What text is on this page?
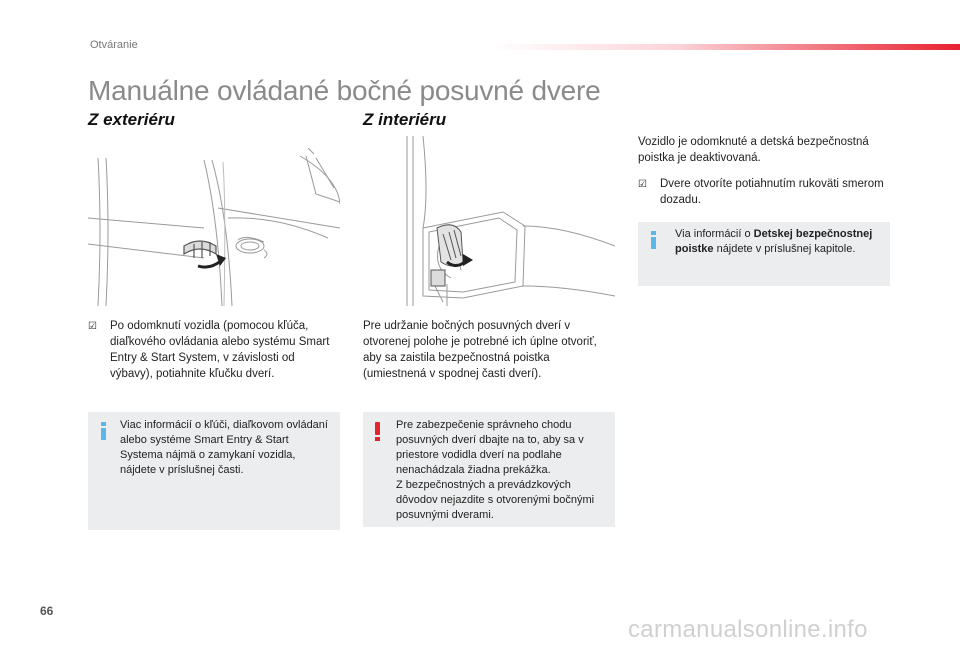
Otváranie
Manuálne ovládané bočné posuvné dvere
Z exteriéru
☑	Po odomknutí vozidla (pomocou kľúča, diaľkového ovládania alebo systému Smart Entry & Start System, v závislosti od výbavy), potiahnite kľučku dverí.
Viac informácií o kľúči, diaľkovom ovládaní alebo systéme Smart Entry & Start Systema nájmä o zamykaní vozidla, nájdete v príslušnej časti.
Z interiéru
Pre udržanie bočných posuvných dverí v otvorenej polohe je potrebné ich úplne otvoriť, aby sa zaistila bezpečnostná poistka (umiestnená v spodnej časti dverí).
Pre zabezpečenie správneho chodu posuvných dverí dbajte na to, aby sa v priestore vodidla dverí na podlahe nenachádzala žiadna prekážka.
Z bezpečnostných a prevádzkových dôvodov nejazdite s otvorenými bočnými posuvnými dverami.
Vozidlo je odomknuté a detská bezpečnostná poistka je deaktivovaná.
☑	Dvere otvoríte potiahnutím rukoväti smerom dozadu.
Via informácií o Detskej bezpečnostnej poistke nájdete v príslušnej kapitole.
66
carmanualsonline.info
